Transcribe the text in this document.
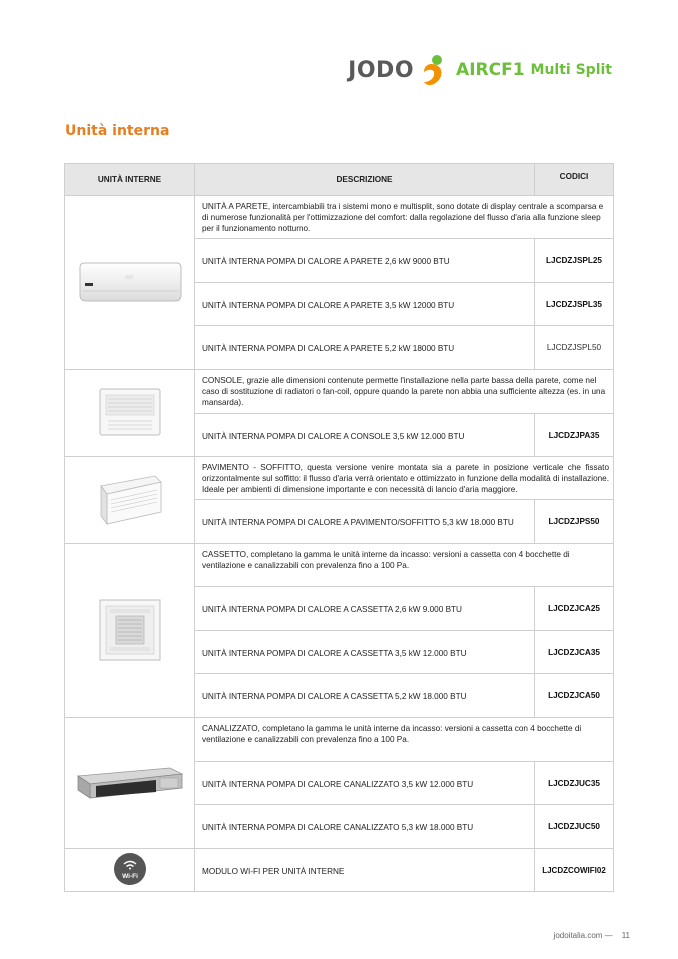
JODO AIRCF1 Multi Split
Unità interna
UNITÀ INTERNE	DESCRIZIONE	CODICI
	UNITÀ A PARETE, intercambiabili tra i sistemi mono e multisplit, sono dotate di display centrale a scomparsa e di numerose funzionalità per l'ottimizzazione del comfort: dalla regolazione del flusso d'aria alla funzione sleep per il funzionamento notturno.	
	UNITÀ INTERNA POMPA DI CALORE A PARETE 2,6 kW 9000 BTU	LJCDZJSPL25
	UNITÀ INTERNA POMPA DI CALORE A PARETE 3,5 kW 12000 BTU	LJCDZJSPL35
	UNITÀ INTERNA POMPA DI CALORE A PARETE 5,2 kW 18000 BTU	LJCDZJSPL50
	CONSOLE, grazie alle dimensioni contenute permette l'installazione nella parte bassa della parete, come nel caso di sostituzione di radiatori o fan-coil, oppure quando la parete non abbia una sufficiente altezza (es. in una mansarda).	
	UNITÀ INTERNA POMPA DI CALORE A CONSOLE 3,5 kW 12.000 BTU	LJCDZJPA35
	PAVIMENTO - SOFFITTO, questa versione venire montata sia a parete in posizione verticale che fissato orizzontalmente sul soffitto: il flusso d'aria verrà orientato e ottimizzato in funzione della modalità di installazione. Ideale per ambienti di dimensione importante e con necessità di lancio d'aria maggiore.	
	UNITÀ INTERNA POMPA DI CALORE A PAVIMENTO/SOFFITTO 5,3 kW 18.000 BTU	LJCDZJPS50
	CASSETTO, completano la gamma le unità interne da incasso: versioni a cassetta con 4 bocchette di ventilazione e canalizzabili con prevalenza fino a 100 Pa.	
	UNITÀ INTERNA POMPA DI CALORE A CASSETTA 2,6 kW 9.000 BTU	LJCDZJCA25
	UNITÀ INTERNA POMPA DI CALORE A CASSETTA 3,5 kW 12.000 BTU	LJCDZJCA35
	UNITÀ INTERNA POMPA DI CALORE A CASSETTA 5,2 kW 18.000 BTU	LJCDZJCA50
	CANALIZZATO, completano la gamma le unità interne da incasso: versioni a cassetta con 4 bocchette di ventilazione e canalizzabili con prevalenza fino a 100 Pa.	
	UNITÀ INTERNA POMPA DI CALORE CANALIZZATO 3,5 kW 12.000 BTU	LJCDZJUC35
	UNITÀ INTERNA POMPA DI CALORE CANALIZZATO 5,3 kW 18.000 BTU	LJCDZJUC50

Wi-Fi	MODULO WI-FI PER UNITÀ INTERNE	LJCDZCOWIFI02
jodoitalia.com — 11
